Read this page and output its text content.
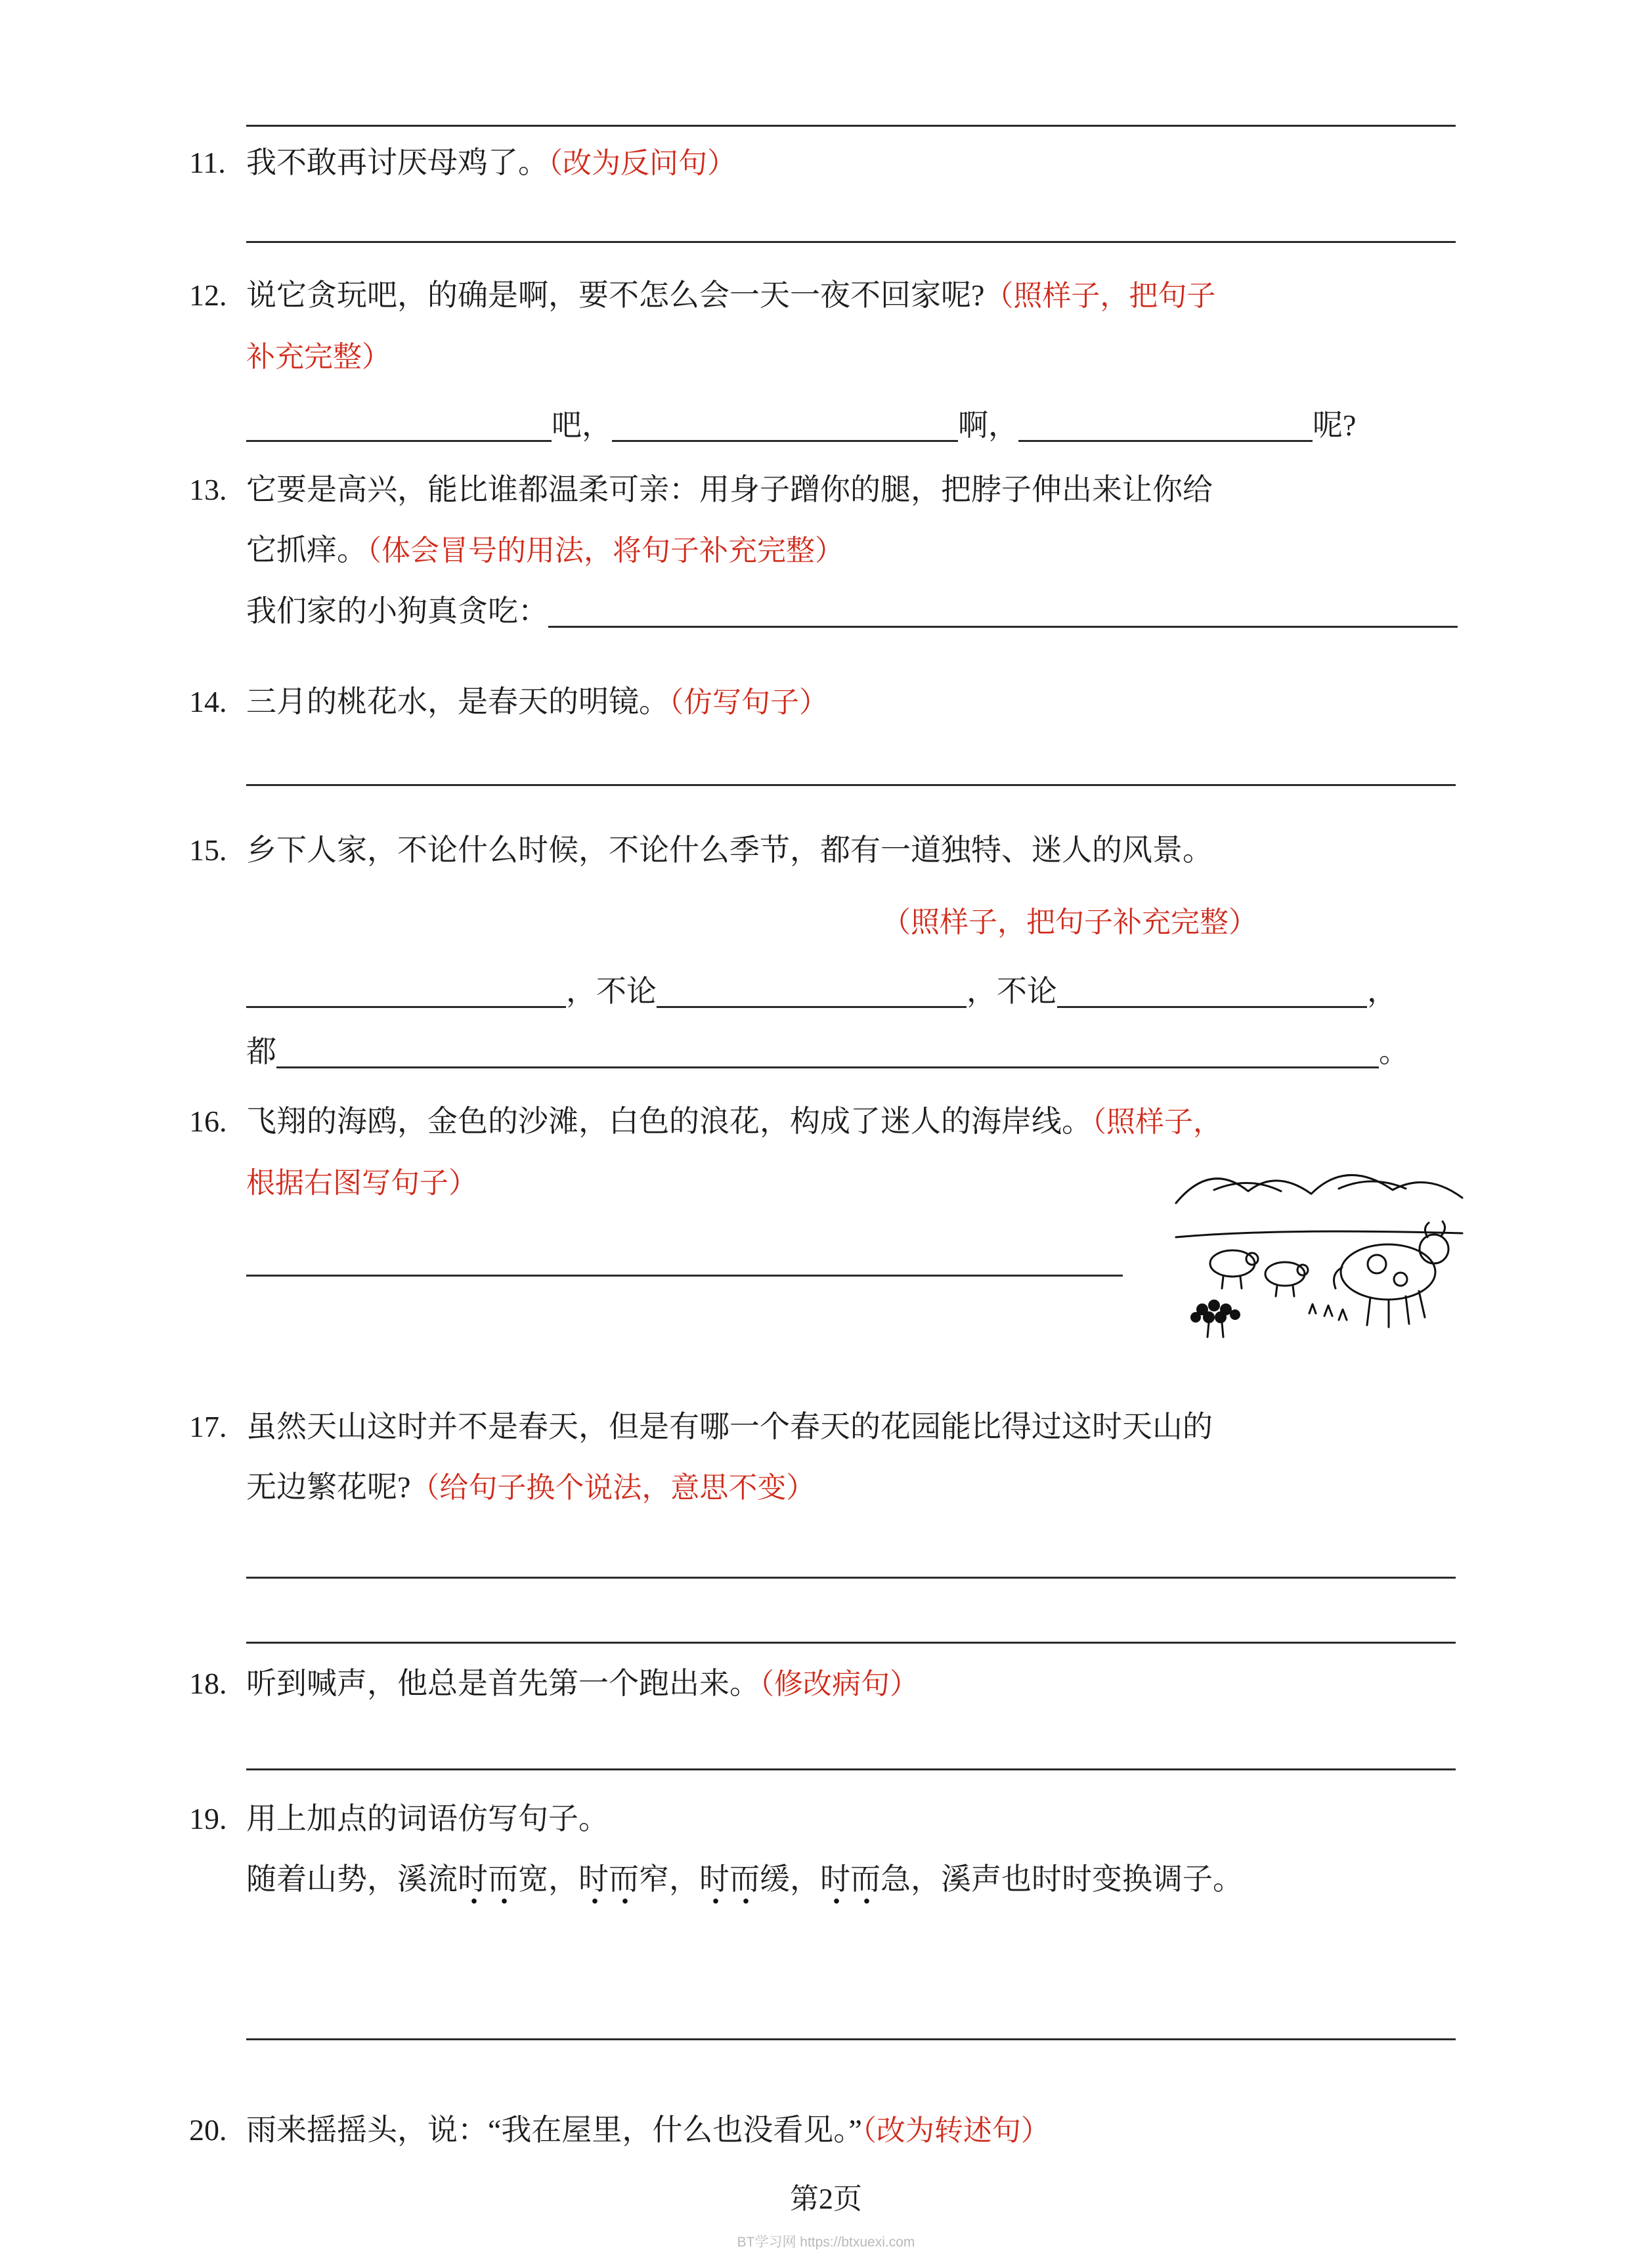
11. 我不敢再讨厌母鸡了。（改为反问句）
12. 说它贪玩吧，的确是啊，要不怎么会一天一夜不回家呢?（照样子，把句子
补充完整）
吧，	啊，	呢?
13. 它要是高兴，能比谁都温柔可亲：用身子蹭你的腿，把脖子伸出来让你给
它抓痒。（体会冒号的用法，将句子补充完整）
我们家的小狗真贪吃：
14. 三月的桃花水，是春天的明镜。（仿写句子）
15. 乡下人家，不论什么时候，不论什么季节，都有一道独特、迷人的风景。
（照样子，把句子补充完整）
，不论	，不论	，
都	。
16. 飞翔的海鸥，金色的沙滩，白色的浪花，构成了迷人的海岸线。（照样子，
根据右图写句子）
17. 虽然天山这时并不是春天，但是有哪一个春天的花园能比得过这时天山的
无边繁花呢?（给句子换个说法，意思不变）
18. 听到喊声，他总是首先第一个跑出来。（修改病句）
19. 用上加点的词语仿写句子。
随着山势，溪流时而宽，时而窄，时而缓，时而急，溪声也时时变换调子。
20. 雨来摇摇头，说：“我在屋里，什么也没看见。”（改为转述句）
第2页
BT学习网 https://btxuexi.com
